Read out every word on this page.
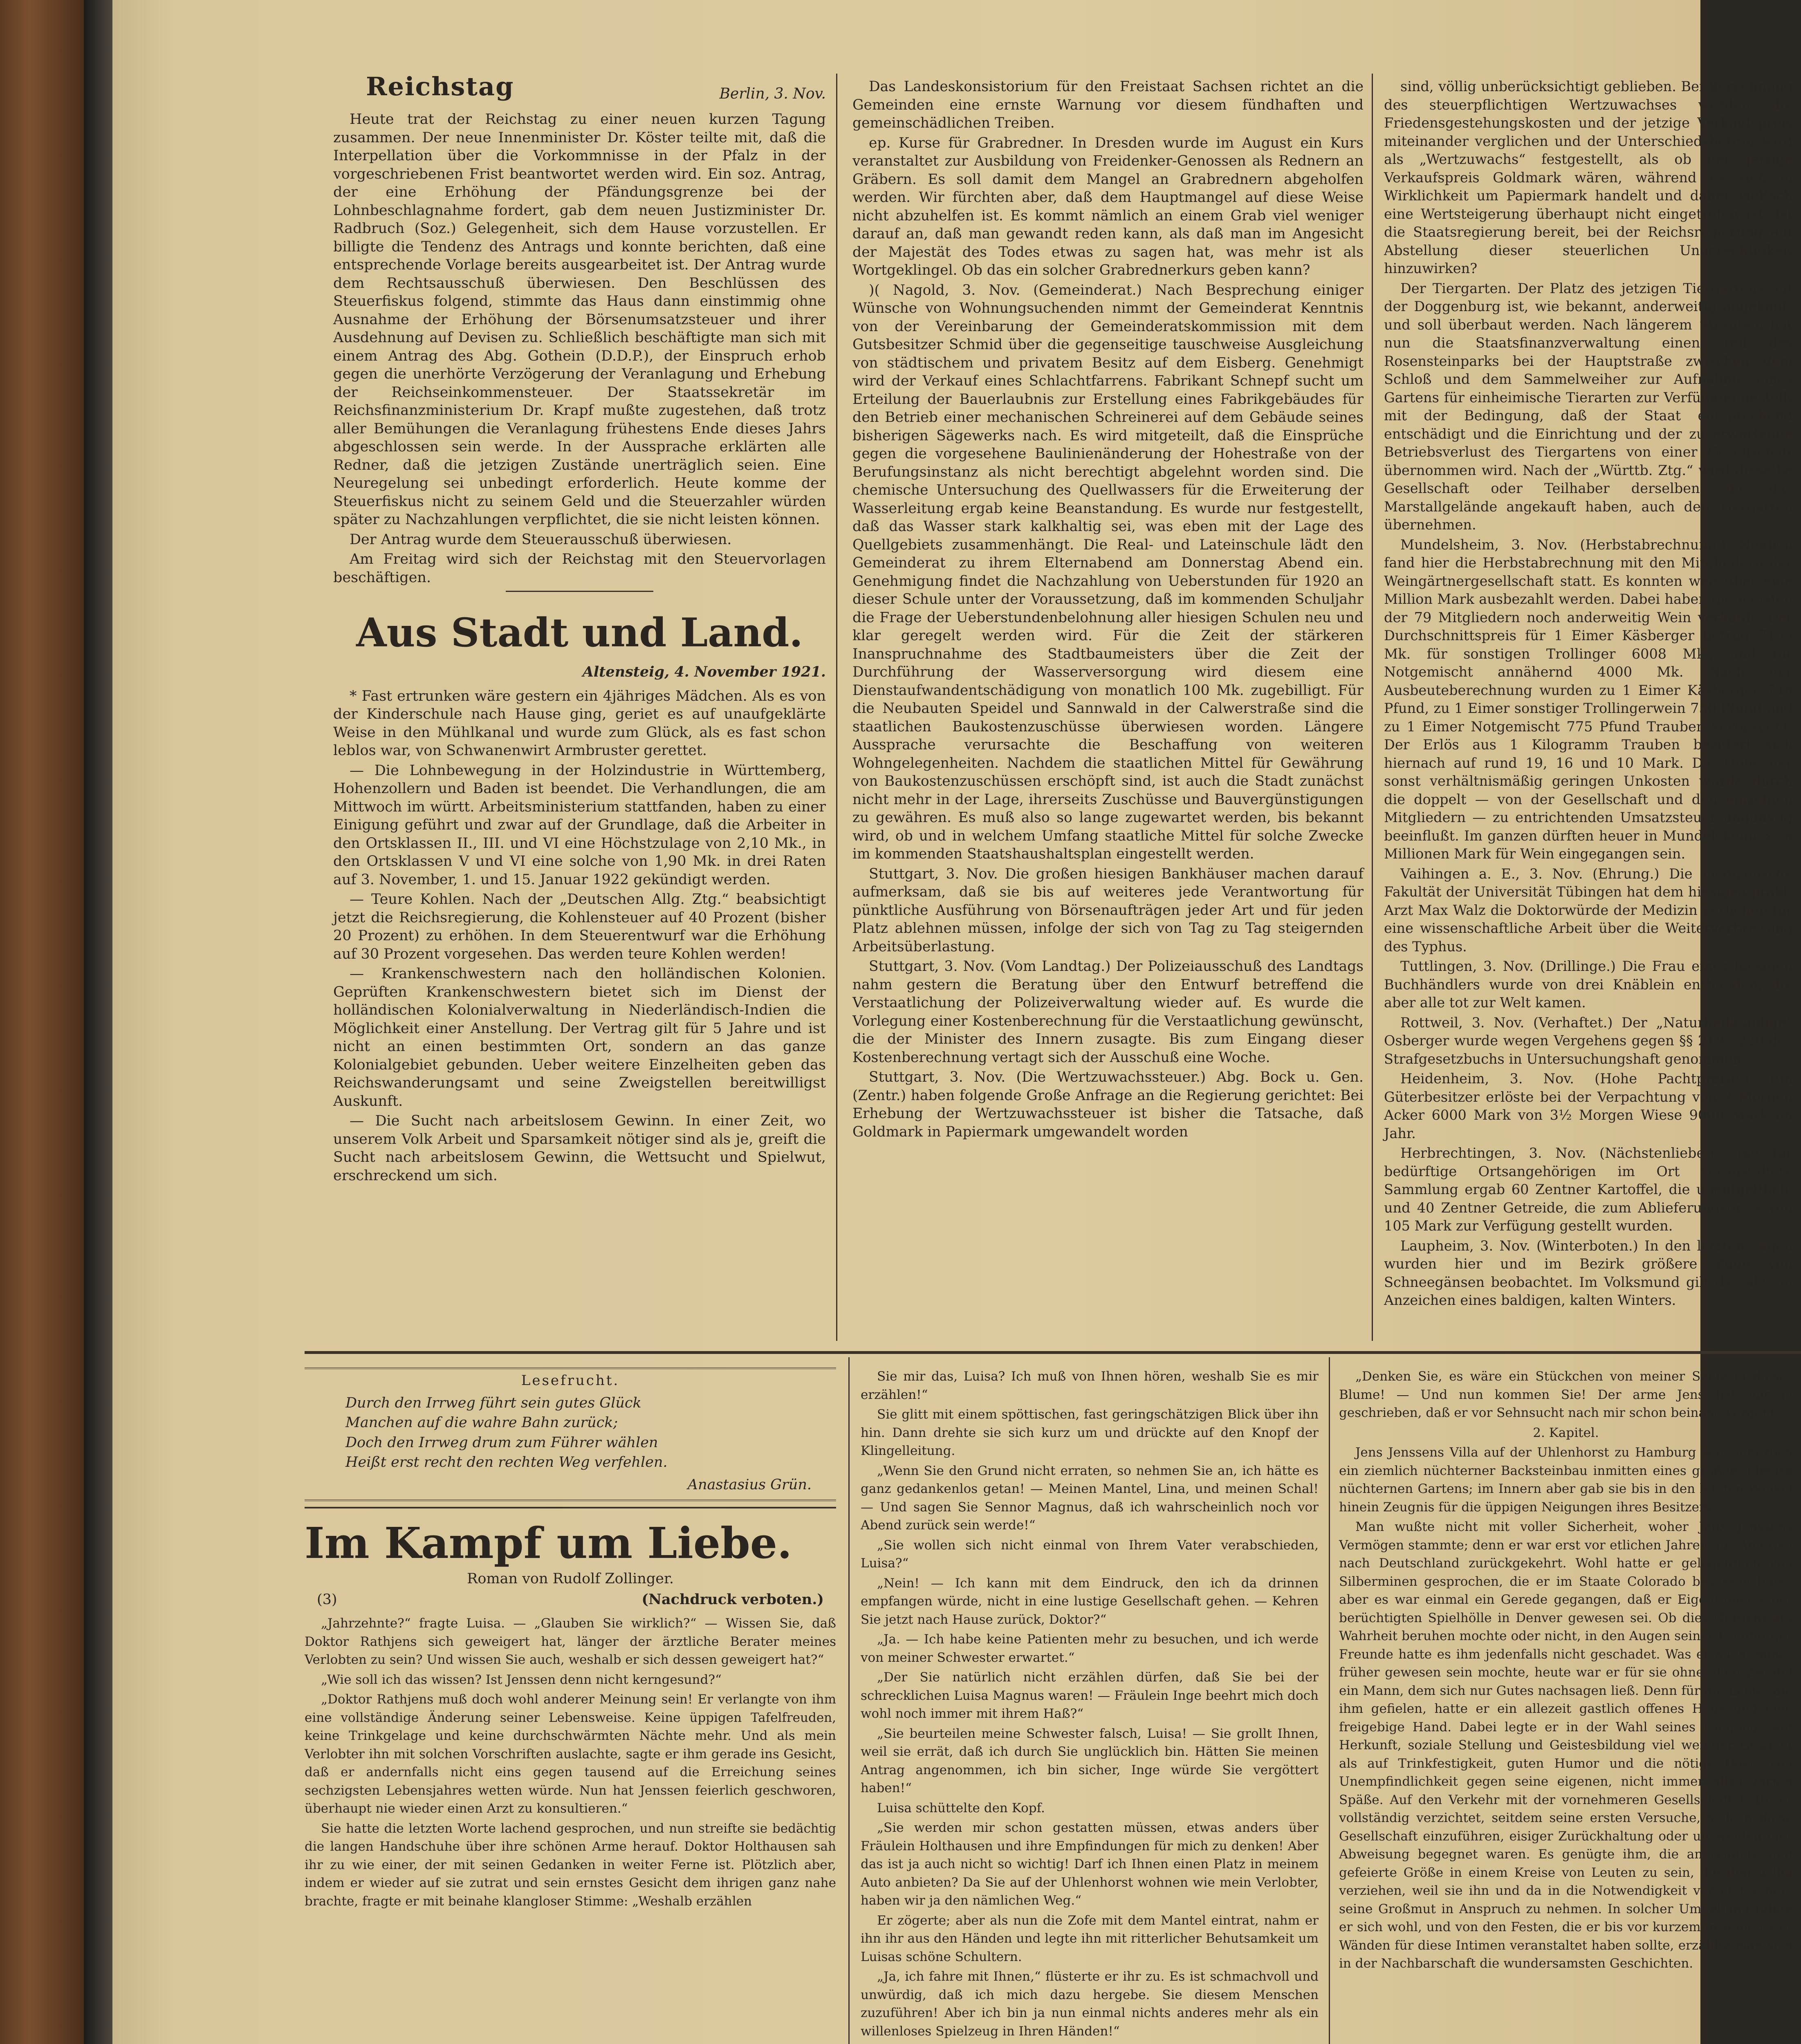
Reichstag	Berlin, 3. Nov.

Heute trat der Reichstag zu einer neuen kurzen Tagung zusammen. Der neue Innenminister Dr. Köster teilte mit, daß die Interpellation über die Vorkommnisse in der Pfalz in der vorgeschriebenen Frist beantwortet werden wird. Ein soz. Antrag, der eine Erhöhung der Pfändungsgrenze bei der Lohnbeschlagnahme fordert, gab dem neuen Justizminister Dr. Radbruch (Soz.) Gelegenheit, sich dem Hause vorzustellen. Er billigte die Tendenz des Antrags und konnte berichten, daß eine entsprechende Vorlage bereits ausgearbeitet ist. Der Antrag wurde dem Rechtsausschuß überwiesen. Den Beschlüssen des Steuerfiskus folgend, stimmte das Haus dann einstimmig ohne Ausnahme der Erhöhung der Börsenumsatzsteuer und ihrer Ausdehnung auf Devisen zu. Schließlich beschäftigte man sich mit einem Antrag des Abg. Gothein (D.D.P.), der Einspruch erhob gegen die unerhörte Verzögerung der Veranlagung und Erhebung der Reichseinkommensteuer. Der Staatssekretär im Reichsfinanzministerium Dr. Krapf mußte zugestehen, daß trotz aller Bemühungen die Veranlagung frühestens Ende dieses Jahrs abgeschlossen sein werde. In der Aussprache erklärten alle Redner, daß die jetzigen Zustände unerträglich seien. Eine Neuregelung sei unbedingt erforderlich. Heute komme der Steuerfiskus nicht zu seinem Geld und die Steuerzahler würden später zu Nachzahlungen verpflichtet, die sie nicht leisten können.

Der Antrag wurde dem Steuerausschuß überwiesen.

Am Freitag wird sich der Reichstag mit den Steuervorlagen beschäftigen.

Aus Stadt und Land.
Altensteig, 4. November 1921.

* Fast ertrunken wäre gestern ein 4jähriges Mädchen. Als es von der Kinderschule nach Hause ging, geriet es auf unaufgeklärte Weise in den Mühlkanal und wurde zum Glück, als es fast schon leblos war, von Schwanenwirt Armbruster gerettet.

— Die Lohnbewegung in der Holzindustrie in Württemberg, Hohenzollern und Baden ist beendet. Die Verhandlungen, die am Mittwoch im württ. Arbeitsministerium stattfanden, haben zu einer Einigung geführt und zwar auf der Grundlage, daß die Arbeiter in den Ortsklassen II., III. und VI eine Höchstzulage von 2,10 Mk., in den Ortsklassen V und VI eine solche von 1,90 Mk. in drei Raten auf 3. November, 1. und 15. Januar 1922 gekündigt werden.

— Teure Kohlen. Nach der „Deutschen Allg. Ztg.“ beabsichtigt jetzt die Reichsregierung, die Kohlensteuer auf 40 Prozent (bisher 20 Prozent) zu erhöhen. In dem Steuerentwurf war die Erhöhung auf 30 Prozent vorgesehen. Das werden teure Kohlen werden!

— Krankenschwestern nach den holländischen Kolonien. Geprüften Krankenschwestern bietet sich im Dienst der holländischen Kolonialverwaltung in Niederländisch-Indien die Möglichkeit einer Anstellung. Der Vertrag gilt für 5 Jahre und ist nicht an einen bestimmten Ort, sondern an das ganze Kolonialgebiet gebunden. Ueber weitere Einzelheiten geben das Reichswanderungsamt und seine Zweigstellen bereitwilligst Auskunft.

— Die Sucht nach arbeitslosem Gewinn. In einer Zeit, wo unserem Volk Arbeit und Sparsamkeit nötiger sind als je, greift die Sucht nach arbeitslosem Gewinn, die Wettsucht und Spielwut, erschreckend um sich.

Das Landeskonsistorium für den Freistaat Sachsen richtet an die Gemeinden eine ernste Warnung vor diesem fündhaften und gemeinschädlichen Treiben.

ep. Kurse für Grabredner. In Dresden wurde im August ein Kurs veranstaltet zur Ausbildung von Freidenker-Genossen als Rednern an Gräbern. Es soll damit dem Mangel an Grabrednern abgeholfen werden. Wir fürchten aber, daß dem Hauptmangel auf diese Weise nicht abzuhelfen ist. Es kommt nämlich an einem Grab viel weniger darauf an, daß man gewandt reden kann, als daß man im Angesicht der Majestät des Todes etwas zu sagen hat, was mehr ist als Wortgeklingel. Ob das ein solcher Grabrednerkurs geben kann?

)( Nagold, 3. Nov. (Gemeinderat.) Nach Besprechung einiger Wünsche von Wohnungsuchenden nimmt der Gemeinderat Kenntnis von der Vereinbarung der Gemeinderatskommission mit dem Gutsbesitzer Schmid über die gegenseitige tauschweise Ausgleichung von städtischem und privatem Besitz auf dem Eisberg. Genehmigt wird der Verkauf eines Schlachtfarrens. Fabrikant Schnepf sucht um Erteilung der Bauerlaubnis zur Erstellung eines Fabrikgebäudes für den Betrieb einer mechanischen Schreinerei auf dem Gebäude seines bisherigen Sägewerks nach. Es wird mitgeteilt, daß die Einsprüche gegen die vorgesehene Baulinienänderung der Hohestraße von der Berufungsinstanz als nicht berechtigt abgelehnt worden sind. Die chemische Untersuchung des Quellwassers für die Erweiterung der Wasserleitung ergab keine Beanstandung. Es wurde nur festgestellt, daß das Wasser stark kalkhaltig sei, was eben mit der Lage des Quellgebiets zusammenhängt. Die Real- und Lateinschule lädt den Gemeinderat zu ihrem Elternabend am Donnerstag Abend ein. Genehmigung findet die Nachzahlung von Ueberstunden für 1920 an dieser Schule unter der Voraussetzung, daß im kommenden Schuljahr die Frage der Ueberstundenbelohnung aller hiesigen Schulen neu und klar geregelt werden wird. Für die Zeit der stärkeren Inanspruchnahme des Stadtbaumeisters über die Zeit der Durchführung der Wasserversorgung wird diesem eine Dienstaufwandentschädigung von monatlich 100 Mk. zugebilligt. Für die Neubauten Speidel und Sannwald in der Calwerstraße sind die staatlichen Baukostenzuschüsse überwiesen worden. Längere Aussprache verursachte die Beschaffung von weiteren Wohngelegenheiten. Nachdem die staatlichen Mittel für Gewährung von Baukostenzuschüssen erschöpft sind, ist auch die Stadt zunächst nicht mehr in der Lage, ihrerseits Zuschüsse und Bauvergünstigungen zu gewähren. Es muß also so lange zugewartet werden, bis bekannt wird, ob und in welchem Umfang staatliche Mittel für solche Zwecke im kommenden Staatshaushaltsplan eingestellt werden.

Stuttgart, 3. Nov. Die großen hiesigen Bankhäuser machen darauf aufmerksam, daß sie bis auf weiteres jede Verantwortung für pünktliche Ausführung von Börsenaufträgen jeder Art und für jeden Platz ablehnen müssen, infolge der sich von Tag zu Tag steigernden Arbeitsüberlastung.

Stuttgart, 3. Nov. (Vom Landtag.) Der Polizeiausschuß des Landtags nahm gestern die Beratung über den Entwurf betreffend die Verstaatlichung der Polizeiverwaltung wieder auf. Es wurde die Vorlegung einer Kostenberechnung für die Verstaatlichung gewünscht, die der Minister des Innern zusagte. Bis zum Eingang dieser Kostenberechnung vertagt sich der Ausschuß eine Woche.

Stuttgart, 3. Nov. (Die Wertzuwachssteuer.) Abg. Bock u. Gen. (Zentr.) haben folgende Große Anfrage an die Regierung gerichtet: Bei Erhebung der Wertzuwachssteuer ist bisher die Tatsache, daß Goldmark in Papiermark umgewandelt worden

sind, völlig unberücksichtigt geblieben. Bei Berechnung des steuerpflichtigen Wertzuwachses werden die Friedensgestehungskosten und der jetzige Verkaufspreis miteinander verglichen und der Unterschiedsbetrag wird als „Wertzuwachs“ festgestellt, als ob der jetzige Verkaufspreis Goldmark wären, während es sich in Wirklichkeit um Papiermark handelt und daher vielfach eine Wertsteigerung überhaupt nicht eingetreten ist. Ist die Staatsregierung bereit, bei der Reichsregierung auf Abstellung dieser steuerlichen Ungerechtigkeit hinzuwirken?

Der Tiergarten. Der Platz des jetzigen Tiergartens auf der Doggenburg ist, wie bekannt, anderweitig angekauft und soll überbaut werden. Nach längerem Sträuben hat nun die Staatsfinanzverwaltung einen Teil des Rosensteinparks bei der Hauptstraße zwischen dem Schloß und dem Sammelweiher zur Aufnahme eines Gartens für einheimische Tierarten zur Verfügung gestellt mit der Bedingung, daß der Staat entsprechend entschädigt und die Einrichtung und der zu erwartende Betriebsverlust des Tiergartens von einer Gesellschaft übernommen wird. Nach der „Württb. Ztg.“ wird dieselbe Gesellschaft oder Teilhaber derselben, die das Marstallgelände angekauft haben, auch den Tiergarten übernehmen.

Mundelsheim, 3. Nov. (Herbstabrechnung.) Neulich fand hier die Herbstabrechnung mit den Mitgliedern der Weingärtnergesellschaft statt. Es konnten weit über eine Million Mark ausbezahlt werden. Dabei haben die meisten der 79 Mitgliedern noch anderweitig Wein verkauft. Der Durchschnittspreis für 1 Eimer Käsberger betrug 7155 Mk. für sonstigen Trollinger 6008 Mk., und für Notgemischt annähernd 4000 Mk. Nach der Ausbeuteberechnung wurden zu 1 Eimer Käsberger 748 Pfund, zu 1 Eimer sonstiger Trollingerwein 750 Pfund und zu 1 Eimer Notgemischt 775 Pfund Trauben verbraucht. Der Erlös aus 1 Kilogramm Trauben beziffert sich hiernach auf rund 19, 16 und 10 Mark. Die Höhe der sonst verhältnismäßig geringen Unkosten wurde durch die doppelt — von der Gesellschaft und den einzelnen Mitgliedern — zu entrichtenden Umsatzsteuer ungünstig beeinflußt. Im ganzen dürften heuer in Mundelsheim 5—6 Millionen Mark für Wein eingegangen sein.

Vaihingen a. E., 3. Nov. (Ehrung.) Die medizinische Fakultät der Universität Tübingen hat dem hiesigen prakt. Arzt Max Walz die Doktorwürde der Medizin verliehen für eine wissenschaftliche Arbeit über die Weiterverbreitung des Typhus.

Tuttlingen, 3. Nov. (Drillinge.) Die Frau eines hiesigen Buchhändlers wurde von drei Knäblein entbunden, die aber alle tot zur Welt kamen.

Rottweil, 3. Nov. (Verhaftet.) Der „Naturheilkundige“ Osberger wurde wegen Vergehens gegen §§ 218—220 des Strafgesetzbuchs in Untersuchungshaft genommen.

Heidenheim, 3. Nov. (Hohe Pachtpreise.) Ein Güterbesitzer erlöste bei der Verpachtung von 3 Morgen Acker 6000 Mark von 3½ Morgen Wiese 9000 Mark im Jahr.

Herbrechtingen, 3. Nov. (Nächstenliebe.) Eine für bedürftige Ortsangehörigen im Ort veranstaltete Sammlung ergab 60 Zentner Kartoffel, die unentgeltlich, und 40 Zentner Getreide, die zum Ablieferungspreis von 105 Mark zur Verfügung gestellt wurden.

Laupheim, 3. Nov. (Winterboten.) In den letzten Tagen wurden hier und im Bezirk größere Züge von Schneegänsen beobachtet. Im Volksmund gilt das als ein Anzeichen eines baldigen, kalten Winters.

Lesefrucht.

Durch den Irrweg führt sein gutes Glück

Manchen auf die wahre Bahn zurück;

Doch den Irrweg drum zum Führer wählen

Heißt erst recht den rechten Weg verfehlen.

Anastasius Grün.
Im Kampf um Liebe.
Roman von Rudolf Zollinger.
(3)	(Nachdruck verboten.)

„Jahrzehnte?“ fragte Luisa. — „Glauben Sie wirklich?“ — Wissen Sie, daß Doktor Rathjens sich geweigert hat, länger der ärztliche Berater meines Verlobten zu sein? Und wissen Sie auch, weshalb er sich dessen geweigert hat?“

„Wie soll ich das wissen? Ist Jenssen denn nicht kerngesund?“

„Doktor Rathjens muß doch wohl anderer Meinung sein! Er verlangte von ihm eine vollständige Änderung seiner Lebensweise. Keine üppigen Tafelfreuden, keine Trinkgelage und keine durchschwärmten Nächte mehr. Und als mein Verlobter ihn mit solchen Vorschriften auslachte, sagte er ihm gerade ins Gesicht, daß er andernfalls nicht eins gegen tausend auf die Erreichung seines sechzigsten Lebensjahres wetten würde. Nun hat Jenssen feierlich geschworen, überhaupt nie wieder einen Arzt zu konsultieren.“

Sie hatte die letzten Worte lachend gesprochen, und nun streifte sie bedächtig die langen Handschuhe über ihre schönen Arme herauf. Doktor Holthausen sah ihr zu wie einer, der mit seinen Gedanken in weiter Ferne ist. Plötzlich aber, indem er wieder auf sie zutrat und sein ernstes Gesicht dem ihrigen ganz nahe brachte, fragte er mit beinahe klangloser Stimme: „Weshalb erzählen

Sie mir das, Luisa? Ich muß von Ihnen hören, weshalb Sie es mir erzählen!“

Sie glitt mit einem spöttischen, fast geringschätzigen Blick über ihn hin. Dann drehte sie sich kurz um und drückte auf den Knopf der Klingelleitung.

„Wenn Sie den Grund nicht erraten, so nehmen Sie an, ich hätte es ganz gedankenlos getan! — Meinen Mantel, Lina, und meinen Schal! — Und sagen Sie Sennor Magnus, daß ich wahrscheinlich noch vor Abend zurück sein werde!“

„Sie wollen sich nicht einmal von Ihrem Vater verabschieden, Luisa?“

„Nein! — Ich kann mit dem Eindruck, den ich da drinnen empfangen würde, nicht in eine lustige Gesellschaft gehen. — Kehren Sie jetzt nach Hause zurück, Doktor?“

„Ja. — Ich habe keine Patienten mehr zu besuchen, und ich werde von meiner Schwester erwartet.“

„Der Sie natürlich nicht erzählen dürfen, daß Sie bei der schrecklichen Luisa Magnus waren! — Fräulein Inge beehrt mich doch wohl noch immer mit ihrem Haß?“

„Sie beurteilen meine Schwester falsch, Luisa! — Sie grollt Ihnen, weil sie errät, daß ich durch Sie unglücklich bin. Hätten Sie meinen Antrag angenommen, ich bin sicher, Inge würde Sie vergöttert haben!“

Luisa schüttelte den Kopf.

„Sie werden mir schon gestatten müssen, etwas anders über Fräulein Holthausen und ihre Empfindungen für mich zu denken! Aber das ist ja auch nicht so wichtig! Darf ich Ihnen einen Platz in meinem Auto anbieten? Da Sie auf der Uhlenhorst wohnen wie mein Verlobter, haben wir ja den nämlichen Weg.“

Er zögerte; aber als nun die Zofe mit dem Mantel eintrat, nahm er ihn ihr aus den Händen und legte ihn mit ritterlicher Behutsamkeit um Luisas schöne Schultern.

„Ja, ich fahre mit Ihnen,“ flüsterte er ihr zu. Es ist schmachvoll und unwürdig, daß ich mich dazu hergebe. Sie diesem Menschen zuzuführen! Aber ich bin ja nun einmal nichts anderes mehr als ein willenloses Spielzeug in Ihren Händen!“

„Denken Sie, es wäre ein Stückchen von meiner Seele in dieser Blume! — Und nun kommen Sie! Der arme Jens hat mir ja geschrieben, daß er vor Sehnsucht nach mir schon beinahe vergeht.“

2. Kapitel.

Jens Jenssens Villa auf der Uhlenhorst zu Hamburg war äußerlich ein ziemlich nüchterner Backsteinbau inmitten eines großen, ebenso nüchternen Gartens; im Innern aber gab sie bis in den letzten Winkel hinein Zeugnis für die üppigen Neigungen ihres Besitzers.

Man wußte nicht mit voller Sicherheit, woher Jens Jenssens Vermögen stammte; denn er war erst vor etlichen Jahren aus Amerika nach Deutschland zurückgekehrt. Wohl hatte er gelegentlich von Silberminen gesprochen, die er im Staate Colorado besessen habe; aber es war einmal ein Gerede gegangen, daß er Eigentümer einer berüchtigten Spielhölle in Denver gewesen sei. Ob dies Gerücht auf Wahrheit beruhen mochte oder nicht, in den Augen seiner Hamburger Freunde hatte es ihm jedenfalls nicht geschadet. Was er auch immer früher gewesen sein mochte, heute war er für sie ohne allen Zweifel ein Mann, dem sich nur Gutes nachsagen ließ. Denn für die Leute, die ihm gefielen, hatte er ein allezeit gastlich offenes Haus und eine freigebige Hand. Dabei legte er in der Wahl seines Umgangs auf Herkunft, soziale Stellung und Geistesbildung viel weniger Gewicht als auf Trinkfestigkeit, guten Humor und die nötige Dosis von Unempfindlichkeit gegen seine eigenen, nicht immer allzu zarten Späße. Auf den Verkehr mit der vornehmeren Gesellschaft hatte er vollständig verzichtet, seitdem seine ersten Versuche, sich in diese Gesellschaft einzuführen, eisiger Zurückhaltung oder unzweideutiger Abweisung begegnet waren. Es genügte ihm, die anerkannte und gefeierte Größe in einem Kreise von Leuten zu sein, die ihm willig verziehen, weil sie ihn und da in die Notwendigkeit versetzt sahen, seine Großmut in Anspruch zu nehmen. In solcher Umgebung fühlte er sich wohl, und von den Festen, die er bis vor kurzem in seinen vier Wänden für diese Intimen veranstaltet haben sollte, erzählte man sich in der Nachbarschaft die wundersamsten Geschichten.
